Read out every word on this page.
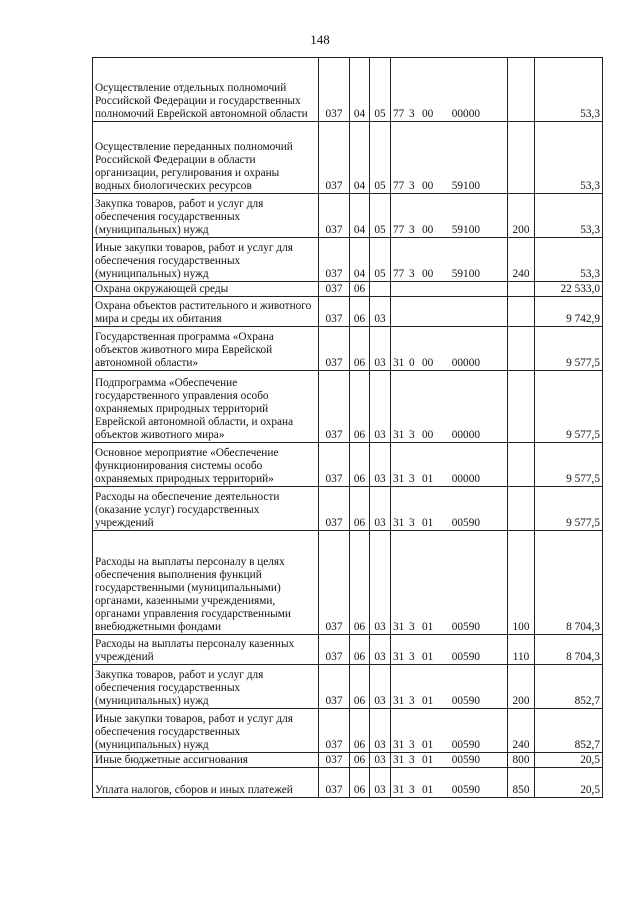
148
Осуществление отдельных полномочий Российской Федерации и государственных полномочий Еврейской автономной области	037	04	05	77 3 00 00000		53,3
Осуществление переданных полномочий Российской Федерации в области организации, регулирования и охраны водных биологических ресурсов	037	04	05	77 3 00 59100		53,3
Закупка товаров, работ и услуг для обеспечения государственных (муниципальных) нужд	037	04	05	77 3 00 59100	200	53,3
Иные закупки товаров, работ и услуг для обеспечения государственных (муниципальных) нужд	037	04	05	77 3 00 59100	240	53,3
Охрана окружающей среды	037	06				22 533,0
Охрана объектов растительного и животного мира и среды их обитания	037	06	03			9 742,9
Государственная программа «Охрана объектов животного мира Еврейской автономной области»	037	06	03	31 0 00 00000		9 577,5
Подпрограмма «Обеспечение государственного управления особо охраняемых природных территорий Еврейской автономной области, и охрана объектов животного мира»	037	06	03	31 3 00 00000		9 577,5
Основное мероприятие «Обеспечение функционирования системы особо охраняемых природных территорий»	037	06	03	31 3 01 00000		9 577,5
Расходы на обеспечение деятельности (оказание услуг) государственных учреждений	037	06	03	31 3 01 00590		9 577,5
Расходы на выплаты персоналу в целях обеспечения выполнения функций государственными (муниципальными) органами, казенными учреждениями, органами управления государственными внебюджетными фондами	037	06	03	31 3 01 00590	100	8 704,3
Расходы на выплаты персоналу казенных учреждений	037	06	03	31 3 01 00590	110	8 704,3
Закупка товаров, работ и услуг для обеспечения государственных (муниципальных) нужд	037	06	03	31 3 01 00590	200	852,7
Иные закупки товаров, работ и услуг для обеспечения государственных (муниципальных) нужд	037	06	03	31 3 01 00590	240	852,7
Иные бюджетные ассигнования	037	06	03	31 3 01 00590	800	20,5
Уплата налогов, сборов и иных платежей	037	06	03	31 3 01 00590	850	20,5
